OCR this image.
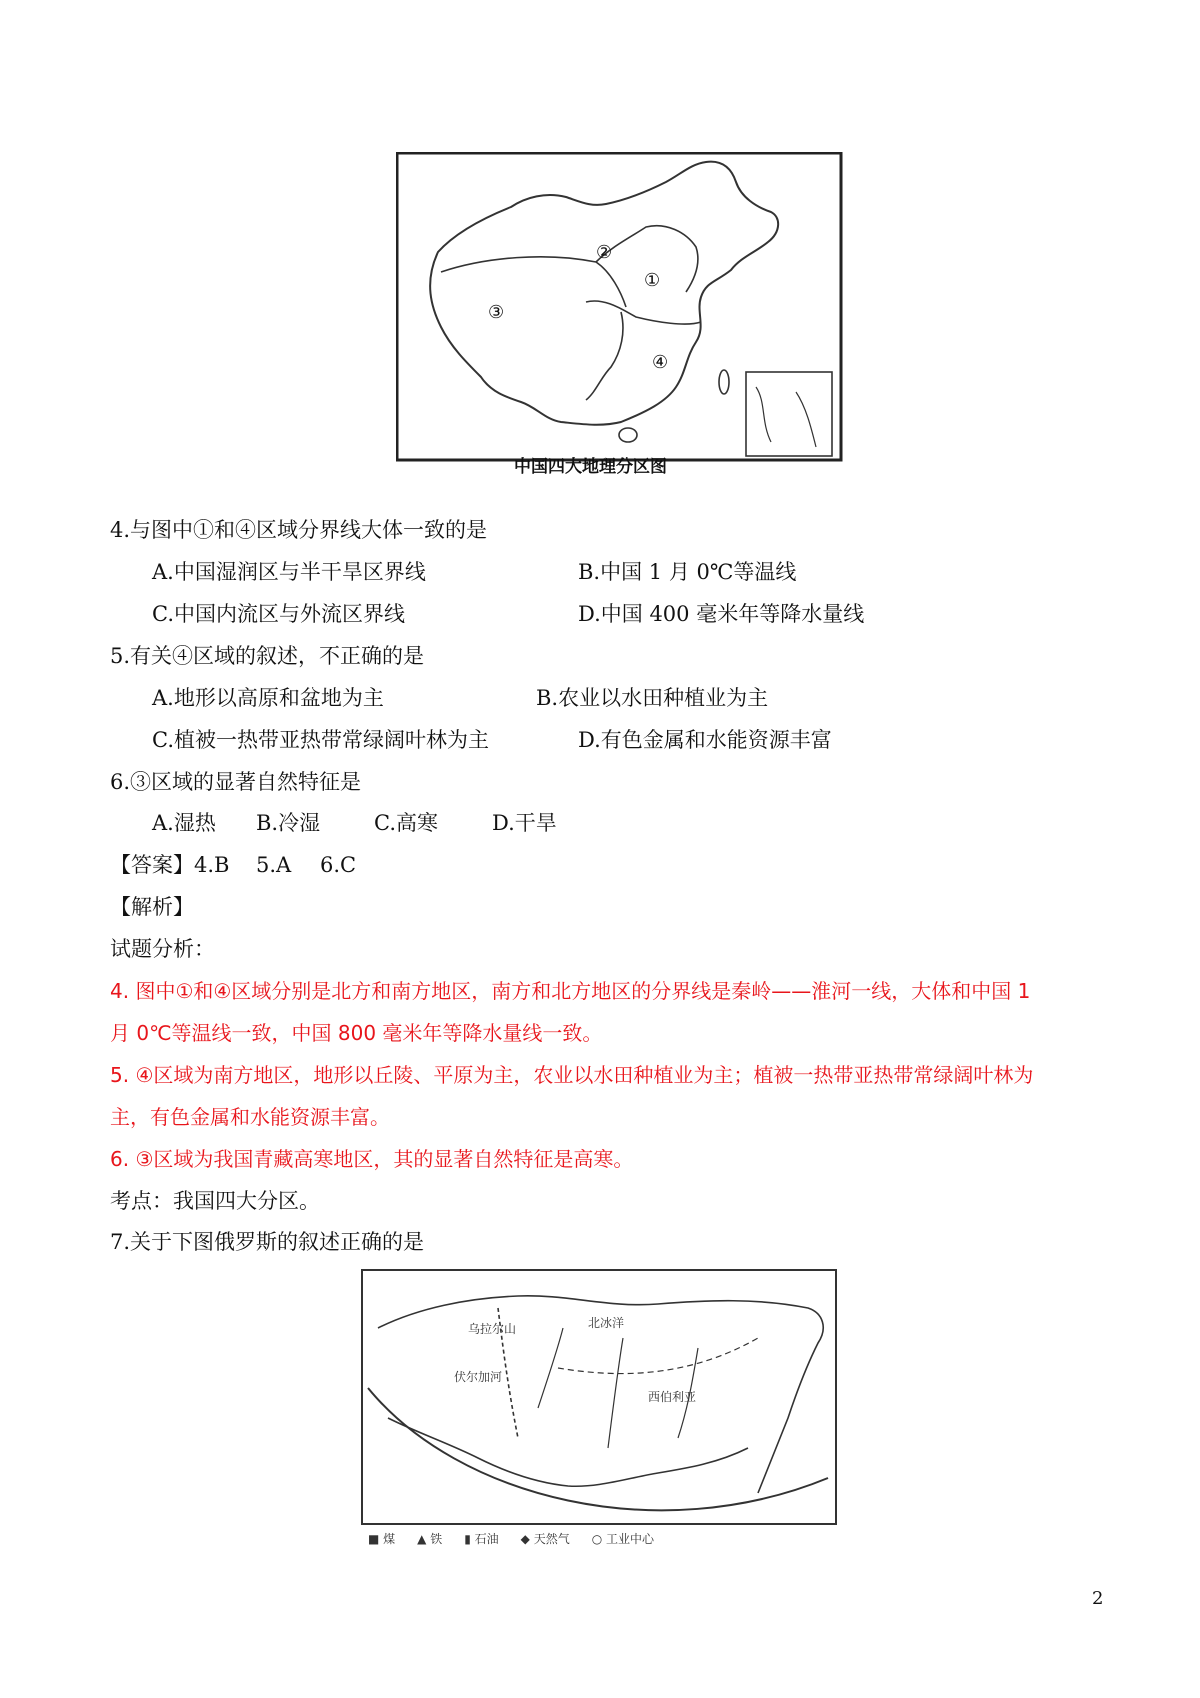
①
②
③
④
中国四大地理分区图
4.与图中①和④区域分界线大体一致的是
A.中国湿润区与半干旱区界线	B.中国 1 月 0℃等温线
C.中国内流区与外流区界线	D.中国 400 毫米年等降水量线
5.有关④区域的叙述，不正确的是
A.地形以高原和盆地为主	B.农业以水田种植业为主
C.植被一热带亚热带常绿阔叶林为主	D.有色金属和水能资源丰富
6.③区域的显著自然特征是
A.湿热 B.冷湿	C.高寒	D.干旱
【答案】 4.B 5.A 6.C
【解析】
试题分析：
4. 图中①和④区域分别是北方和南方地区，南方和北方地区的分界线是秦岭——淮河一线，大体和中国 1
月 0℃等温线一致，中国 800 毫米年等降水量线一致。
5. ④区域为南方地区，地形以丘陵、平原为主，农业以水田种植业为主；植被一热带亚热带常绿阔叶林为
主，有色金属和水能资源丰富。
6. ③区域为我国青藏高寒地区，其的显著自然特征是高寒。
考点：我国四大分区。
7.关于下图俄罗斯的叙述正确的是
乌拉尔山	北冰洋
伏尔加河
西伯利亚
■ 煤 ▲ 铁 ▮ 石油 ◆ 天然气 ○ 工业中心
2
